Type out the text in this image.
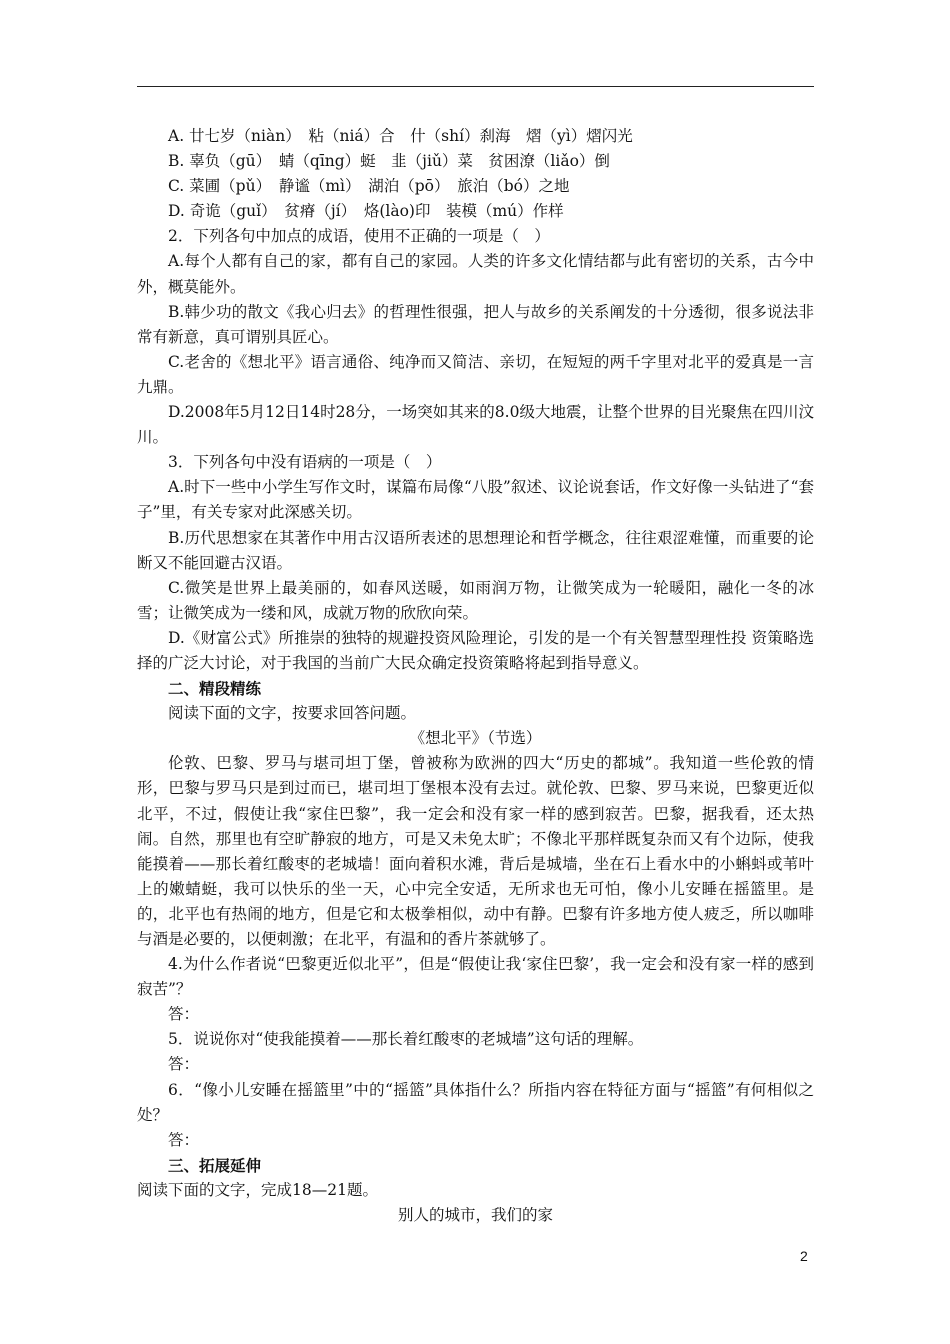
A. 廿七岁（niàn）　粘（niá）合　什（shí）刹海　熠（yì）熠闪光
B. 辜负（gū）　蜻（qīng）蜓　韭（jiǔ）菜　贫困潦（liǎo）倒
C. 菜圃（pǔ）　静谧（mì）　湖泊（pō）　旅泊（bó）之地
D. 奇诡（guǐ）　贫瘠（jí）　烙(lào)印　装模（mú）作样
2．下列各句中加点的成语，使用不正确的一项是（　）
A.每个人都有自己的家，都有自己的家园。人类的许多文化情结都与此有密切的关系，古今中外，概莫能外。
B.韩少功的散文《我心归去》的哲理性很强，把人与故乡的关系阐发的十分透彻，很多说法非常有新意，真可谓别具匠心。
C.老舍的《想北平》语言通俗、纯净而又简洁、亲切，在短短的两千字里对北平的爱真是一言九鼎。
D.2008年5月12日14时28分，一场突如其来的8.0级大地震，让整个世界的目光聚焦在四川汶川。
3．下列各句中没有语病的一项是（　）
A.时下一些中小学生写作文时，谋篇布局像“八股”叙述、议论说套话，作文好像一头钻进了“套子”里，有关专家对此深感关切。
B.历代思想家在其著作中用古汉语所表述的思想理论和哲学概念，往往艰涩难懂，而重要的论断又不能回避古汉语。
C.微笑是世界上最美丽的，如春风送暖，如雨润万物，让微笑成为一轮暖阳，融化一冬的冰雪；让微笑成为一缕和风，成就万物的欣欣向荣。
D.《财富公式》所推崇的独特的规避投资风险理论，引发的是一个有关智慧型理性投 资策略选择的广泛大讨论，对于我国的当前广大民众确定投资策略将起到指导意义。
二、精段精练
阅读下面的文字，按要求回答问题。
《想北平》（节选）
伦敦、巴黎、罗马与堪司坦丁堡，曾被称为欧洲的四大“历史的都城”。我知道一些伦敦的情形，巴黎与罗马只是到过而已，堪司坦丁堡根本没有去过。就伦敦、巴黎、罗马来说，巴黎更近似北平，不过，假使让我“家住巴黎”，我一定会和没有家一样的感到寂苦。巴黎，据我看，还太热闹。自然，那里也有空旷静寂的地方，可是又未免太旷；不像北平那样既复杂而又有个边际，使我能摸着——那长着红酸枣的老城墙！面向着积水滩，背后是城墙，坐在石上看水中的小蝌蚪或苇叶上的嫩蜻蜓，我可以快乐的坐一天，心中完全安适，无所求也无可怕，像小儿安睡在摇篮里。是的，北平也有热闹的地方，但是它和太极拳相似，动中有静。巴黎有许多地方使人疲乏，所以咖啡与酒是必要的，以便刺激；在北平，有温和的香片茶就够了。
4.为什么作者说“巴黎更近似北平”，但是“假使让我‘家住巴黎’，我一定会和没有家一样的感到寂苦”？
答：
5．说说你对“使我能摸着——那长着红酸枣的老城墙”这句话的理解。
答：
6．“像小儿安睡在摇篮里”中的“摇篮”具体指什么？所指内容在特征方面与“摇篮”有何相似之处？
答：
三、拓展延伸
阅读下面的文字，完成18—21题。
别人的城市，我们的家
2
